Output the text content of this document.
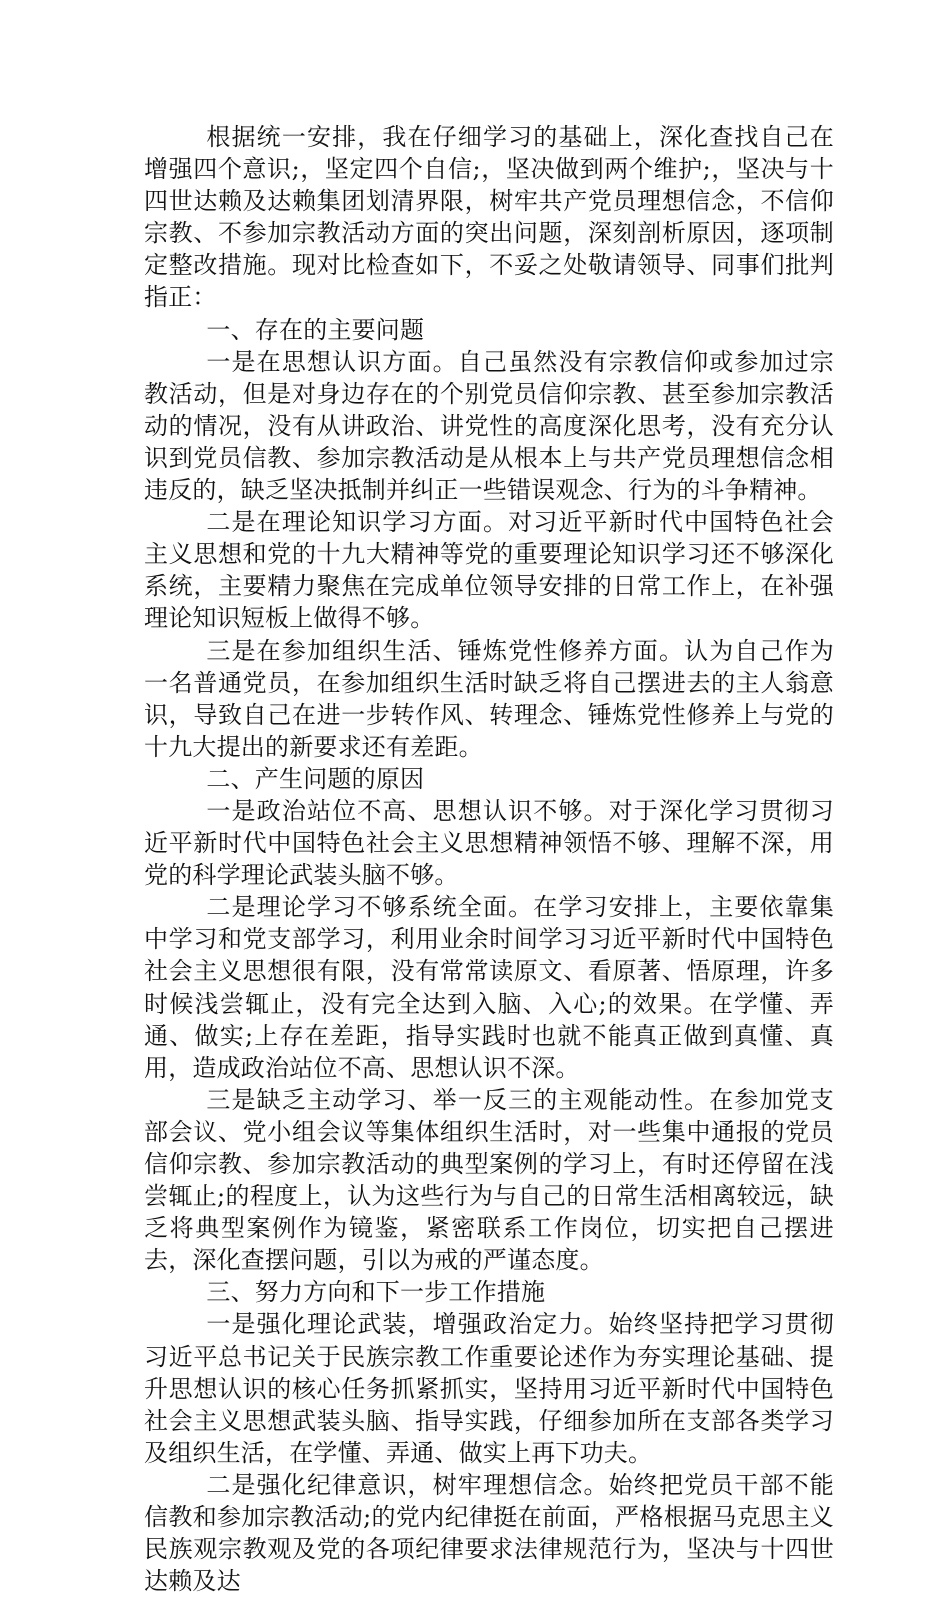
根据统一安排，我在仔细学习的基础上，深化查找自己在增强四个意识;，坚定四个自信;，坚决做到两个维护;，坚决与十四世达赖及达赖集团划清界限，树牢共产党员理想信念，不信仰宗教、不参加宗教活动方面的突出问题，深刻剖析原因，逐项制定整改措施。现对比检查如下，不妥之处敬请领导、同事们批判指正：

一、存在的主要问题

一是在思想认识方面。自己虽然没有宗教信仰或参加过宗教活动，但是对身边存在的个别党员信仰宗教、甚至参加宗教活动的情况，没有从讲政治、讲党性的高度深化思考，没有充分认识到党员信教、参加宗教活动是从根本上与共产党员理想信念相违反的，缺乏坚决抵制并纠正一些错误观念、行为的斗争精神。

二是在理论知识学习方面。对习近平新时代中国特色社会主义思想和党的十九大精神等党的重要理论知识学习还不够深化系统，主要精力聚焦在完成单位领导安排的日常工作上，在补强理论知识短板上做得不够。

三是在参加组织生活、锤炼党性修养方面。认为自己作为一名普通党员，在参加组织生活时缺乏将自己摆进去的主人翁意识，导致自己在进一步转作风、转理念、锤炼党性修养上与党的十九大提出的新要求还有差距。

二、产生问题的原因

一是政治站位不高、思想认识不够。对于深化学习贯彻习近平新时代中国特色社会主义思想精神领悟不够、理解不深，用党的科学理论武装头脑不够。

二是理论学习不够系统全面。在学习安排上，主要依靠集中学习和党支部学习，利用业余时间学习习近平新时代中国特色社会主义思想很有限，没有常常读原文、看原著、悟原理，许多时候浅尝辄止，没有完全达到入脑、入心;的效果。在学懂、弄通、做实;上存在差距，指导实践时也就不能真正做到真懂、真用，造成政治站位不高、思想认识不深。

三是缺乏主动学习、举一反三的主观能动性。在参加党支部会议、党小组会议等集体组织生活时，对一些集中通报的党员信仰宗教、参加宗教活动的典型案例的学习上，有时还停留在浅尝辄止;的程度上，认为这些行为与自己的日常生活相离较远，缺乏将典型案例作为镜鉴，紧密联系工作岗位，切实把自己摆进去，深化查摆问题，引以为戒的严谨态度。

三、努力方向和下一步工作措施

一是强化理论武装，增强政治定力。始终坚持把学习贯彻习近平总书记关于民族宗教工作重要论述作为夯实理论基础、提升思想认识的核心任务抓紧抓实，坚持用习近平新时代中国特色社会主义思想武装头脑、指导实践，仔细参加所在支部各类学习及组织生活，在学懂、弄通、做实上再下功夫。

二是强化纪律意识，树牢理想信念。始终把党员干部不能信教和参加宗教活动;的党内纪律挺在前面，严格根据马克思主义民族观宗教观及党的各项纪律要求法律规范行为，坚决与十四世达赖及达
